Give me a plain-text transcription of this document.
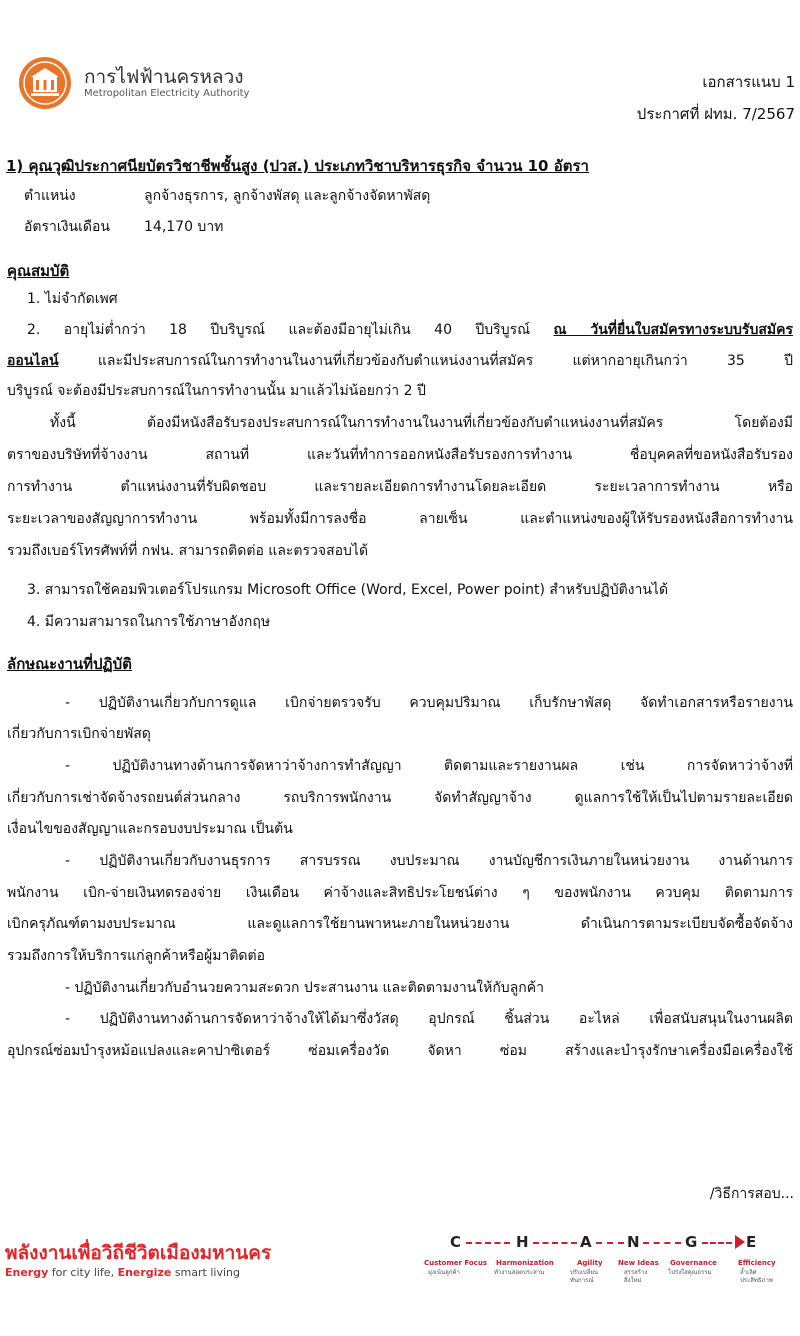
การไฟฟ้านครหลวง
Metropolitan Electricity Authority
เอกสารแนบ 1
ประกาศที่ ฝทม. 7/2567
1) คุณวุฒิประกาศนียบัตรวิชาชีพชั้นสูง (ปวส.) ประเภทวิชาบริหารธุรกิจ จำนวน 10 อัตรา
ตำแหน่ง	ลูกจ้างธุรการ, ลูกจ้างพัสดุ และลูกจ้างจัดหาพัสดุ
อัตราเงินเดือน 14,170 บาท
คุณสมบัติ
1. ไม่จำกัดเพศ
2. อายุไม่ต่ำกว่า 18 ปีบริบูรณ์ และต้องมีอายุไม่เกิน 40 ปีบริบูรณ์ ณ วันที่ยื่นใบสมัครทางระบบรับสมัคร
ออนไลน์ และมีประสบการณ์ในการทำงานในงานที่เกี่ยวข้องกับตำแหน่งงานที่สมัคร แต่หากอายุเกินกว่า 35 ปี
บริบูรณ์ จะต้องมีประสบการณ์ในการทำงานนั้น มาแล้วไม่น้อยกว่า 2 ปี
ทั้งนี้ ต้องมีหนังสือรับรองประสบการณ์ในการทำงานในงานที่เกี่ยวข้องกับตำแหน่งงานที่สมัคร โดยต้องมี
ตราของบริษัทที่จ้างงาน สถานที่ และวันที่ทำการออกหนังสือรับรองการทำงาน ชื่อบุคคลที่ขอหนังสือรับรอง
การทำงาน ตำแหน่งงานที่รับผิดชอบ และรายละเอียดการทำงานโดยละเอียด ระยะเวลาการทำงาน หรือ
ระยะเวลาของสัญญาการทำงาน พร้อมทั้งมีการลงชื่อ ลายเซ็น และตำแหน่งของผู้ให้รับรองหนังสือการทำงาน
รวมถึงเบอร์โทรศัพท์ที่ กฟน. สามารถติดต่อ และตรวจสอบได้
3. สามารถใช้คอมพิวเตอร์โปรแกรม Microsoft Office (Word, Excel, Power point) สำหรับปฏิบัติงานได้
4. มีความสามารถในการใช้ภาษาอังกฤษ
ลักษณะงานที่ปฏิบัติ
- ปฏิบัติงานเกี่ยวกับการดูแล เบิกจ่ายตรวจรับ ควบคุมปริมาณ เก็บรักษาพัสดุ จัดทำเอกสารหรือรายงาน
เกี่ยวกับการเบิกจ่ายพัสดุ
- ปฏิบัติงานทางด้านการจัดหาว่าจ้างการทำสัญญา ติดตามและรายงานผล เช่น การจัดหาว่าจ้างที่
เกี่ยวกับการเช่าจัดจ้างรถยนต์ส่วนกลาง รถบริการพนักงาน จัดทำสัญญาจ้าง ดูแลการใช้ให้เป็นไปตามรายละเอียด
เงื่อนไขของสัญญาและกรอบงบประมาณ เป็นต้น
- ปฏิบัติงานเกี่ยวกับงานธุรการ สารบรรณ งบประมาณ งานบัญชีการเงินภายในหน่วยงาน งานด้านการ
พนักงาน เบิก-จ่ายเงินทดรองจ่าย เงินเดือน ค่าจ้างและสิทธิประโยชน์ต่าง ๆ ของพนักงาน ควบคุม ติดตามการ
เบิกครุภัณฑ์ตามงบประมาณ และดูแลการใช้ยานพาหนะภายในหน่วยงาน ดำเนินการตามระเบียบจัดซื้อจัดจ้าง
รวมถึงการให้บริการแก่ลูกค้าหรือผู้มาติดต่อ
- ปฏิบัติงานเกี่ยวกับอำนวยความสะดวก ประสานงาน และติดตามงานให้กับลูกค้า
- ปฏิบัติงานทางด้านการจัดหาว่าจ้างให้ได้มาซึ่งวัสดุ อุปกรณ์ ชิ้นส่วน อะไหล่ เพื่อสนับสนุนในงานผลิต
อุปกรณ์ซ่อมบำรุงหม้อแปลงและคาปาซิเตอร์ ซ่อมเครื่องวัด จัดหา ซ่อม สร้างและบำรุงรักษาเครื่องมือเครื่องใช้
/วิธีการสอบ...
พลังงานเพื่อวิถีชีวิตเมืองมหานคร
Energy for city life, Energize smart living
C	H	A N	G	E
Customer Focus
มุ่งเน้นลูกค้า
Harmonization
ทำงานสอดประสาน
Agility
ปรับเปลี่ยน ทันการณ์
New Ideas
สรรสร้าง สิ่งใหม่
Governance
โปร่งใสคุณธรรม
Efficiency
ล้ำเลิศ ประสิทธิภาพ
